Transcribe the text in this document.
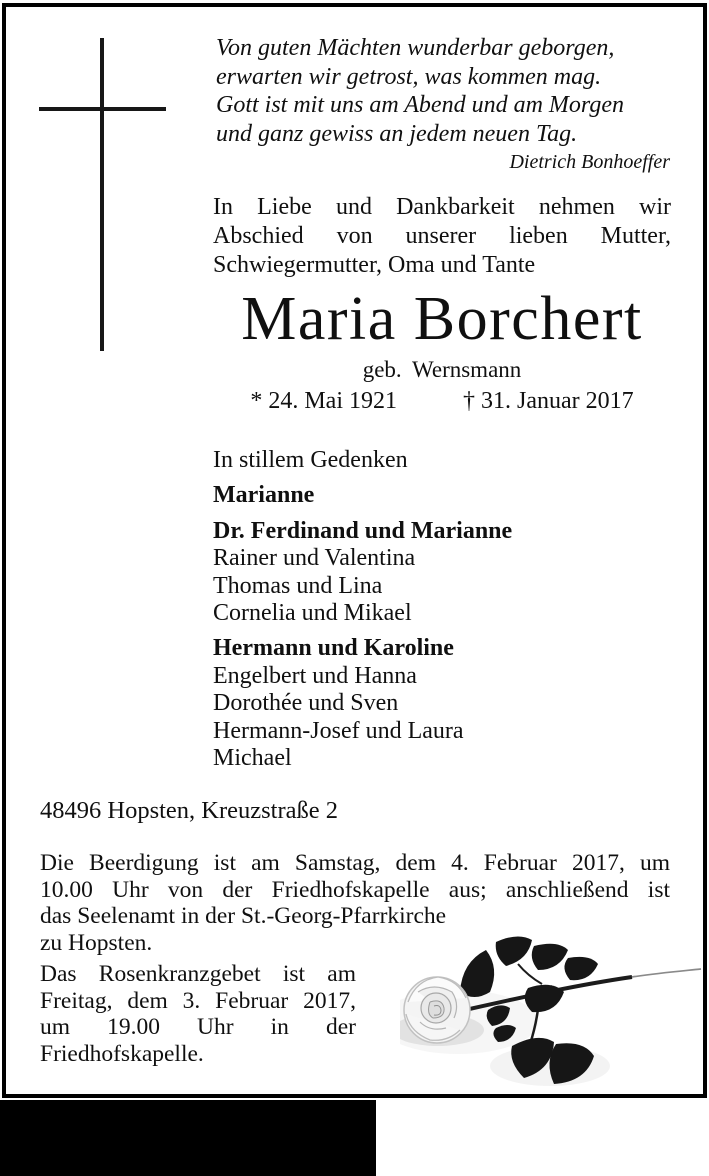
Von guten Mächten wunderbar geborgen,
erwarten wir getrost, was kommen mag.
Gott ist mit uns am Abend und am Morgen
und ganz gewiss an jedem neuen Tag.
Dietrich Bonhoeffer
In Liebe und Dankbarkeit nehmen wir
Abschied von unserer lieben Mutter,
Schwiegermutter, Oma und Tante
Maria Borchert
geb. Wernsmann
* 24. Mai 1921	† 31. Januar 2017
In stillem Gedenken
Marianne
Dr. Ferdinand und Marianne
Rainer und Valentina
Thomas und Lina
Cornelia und Mikael
Hermann und Karoline
Engelbert und Hanna
Dorothée und Sven
Hermann-Josef und Laura
Michael
48496 Hopsten, Kreuzstraße 2
Die Beerdigung ist am Samstag, dem 4. Februar 2017, um
10.00 Uhr von der Friedhofskapelle aus; anschließend ist
das Seelenamt in der St.-Georg-Pfarrkirche
zu Hopsten.
Das Rosenkranzgebet ist am
Freitag, dem 3. Februar 2017,
um 19.00 Uhr in der
Friedhofskapelle.
